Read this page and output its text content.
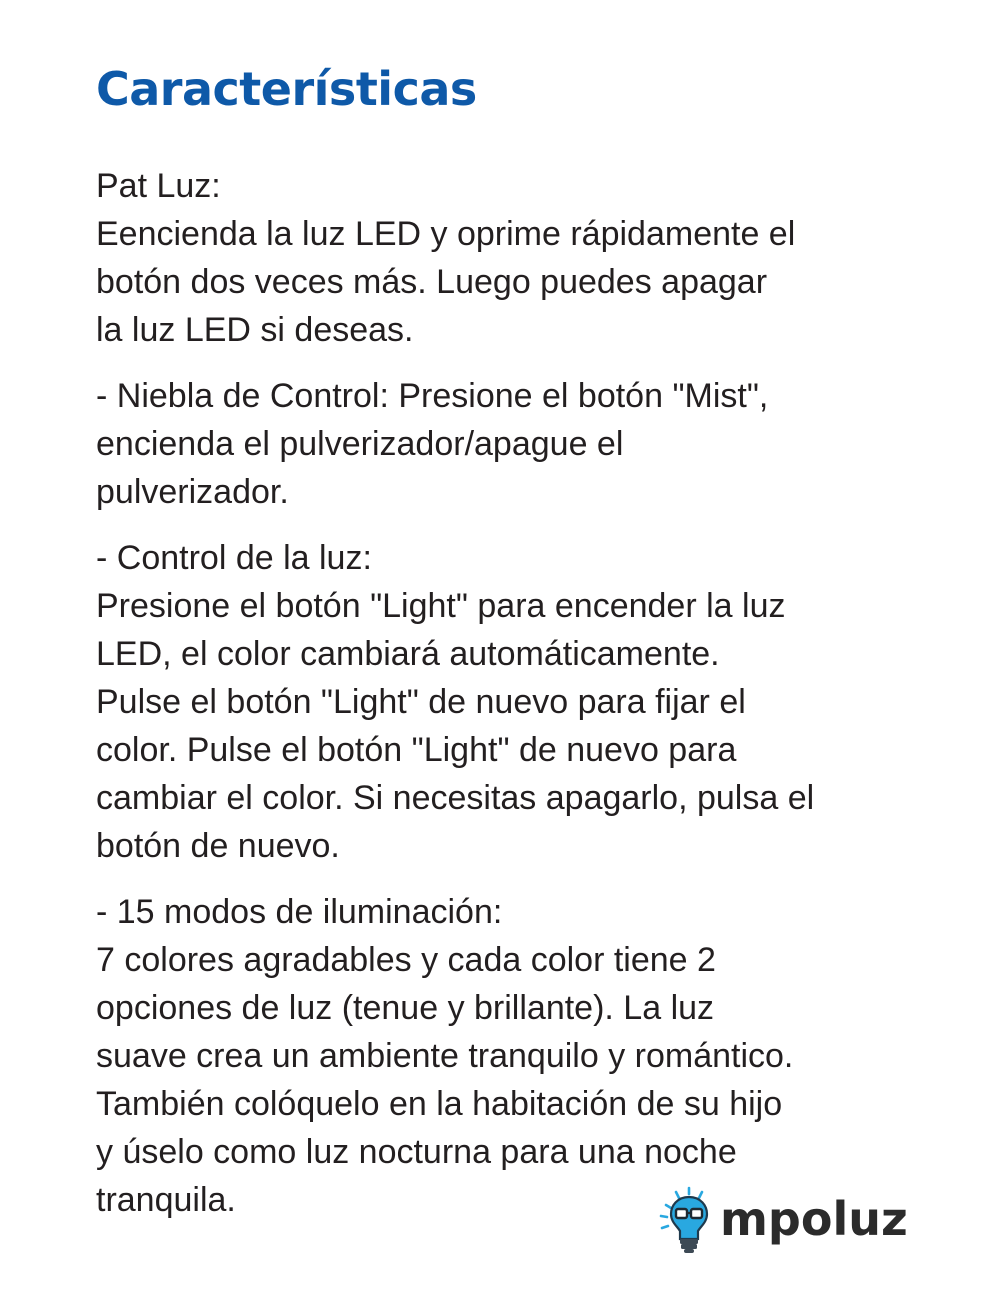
Características

Pat Luz:

Eencienda la luz LED y oprime rápidamente el

botón dos veces más. Luego puedes apagar

la luz LED si deseas.

- Niebla de Control: Presione el botón "Mist",

encienda el pulverizador/apague el

pulverizador.

- Control de la luz:

Presione el botón "Light" para encender la luz

LED, el color cambiará automáticamente.

Pulse el botón "Light" de nuevo para fijar el

color. Pulse el botón "Light" de nuevo para

cambiar el color. Si necesitas apagarlo, pulsa el

botón de nuevo.

- 15 modos de iluminación:

7 colores agradables y cada color tiene 2

opciones de luz (tenue y brillante). La luz

suave crea un ambiente tranquilo y romántico.

También colóquelo en la habitación de su hijo

y úselo como luz nocturna para una noche

tranquila.	mpoluz
